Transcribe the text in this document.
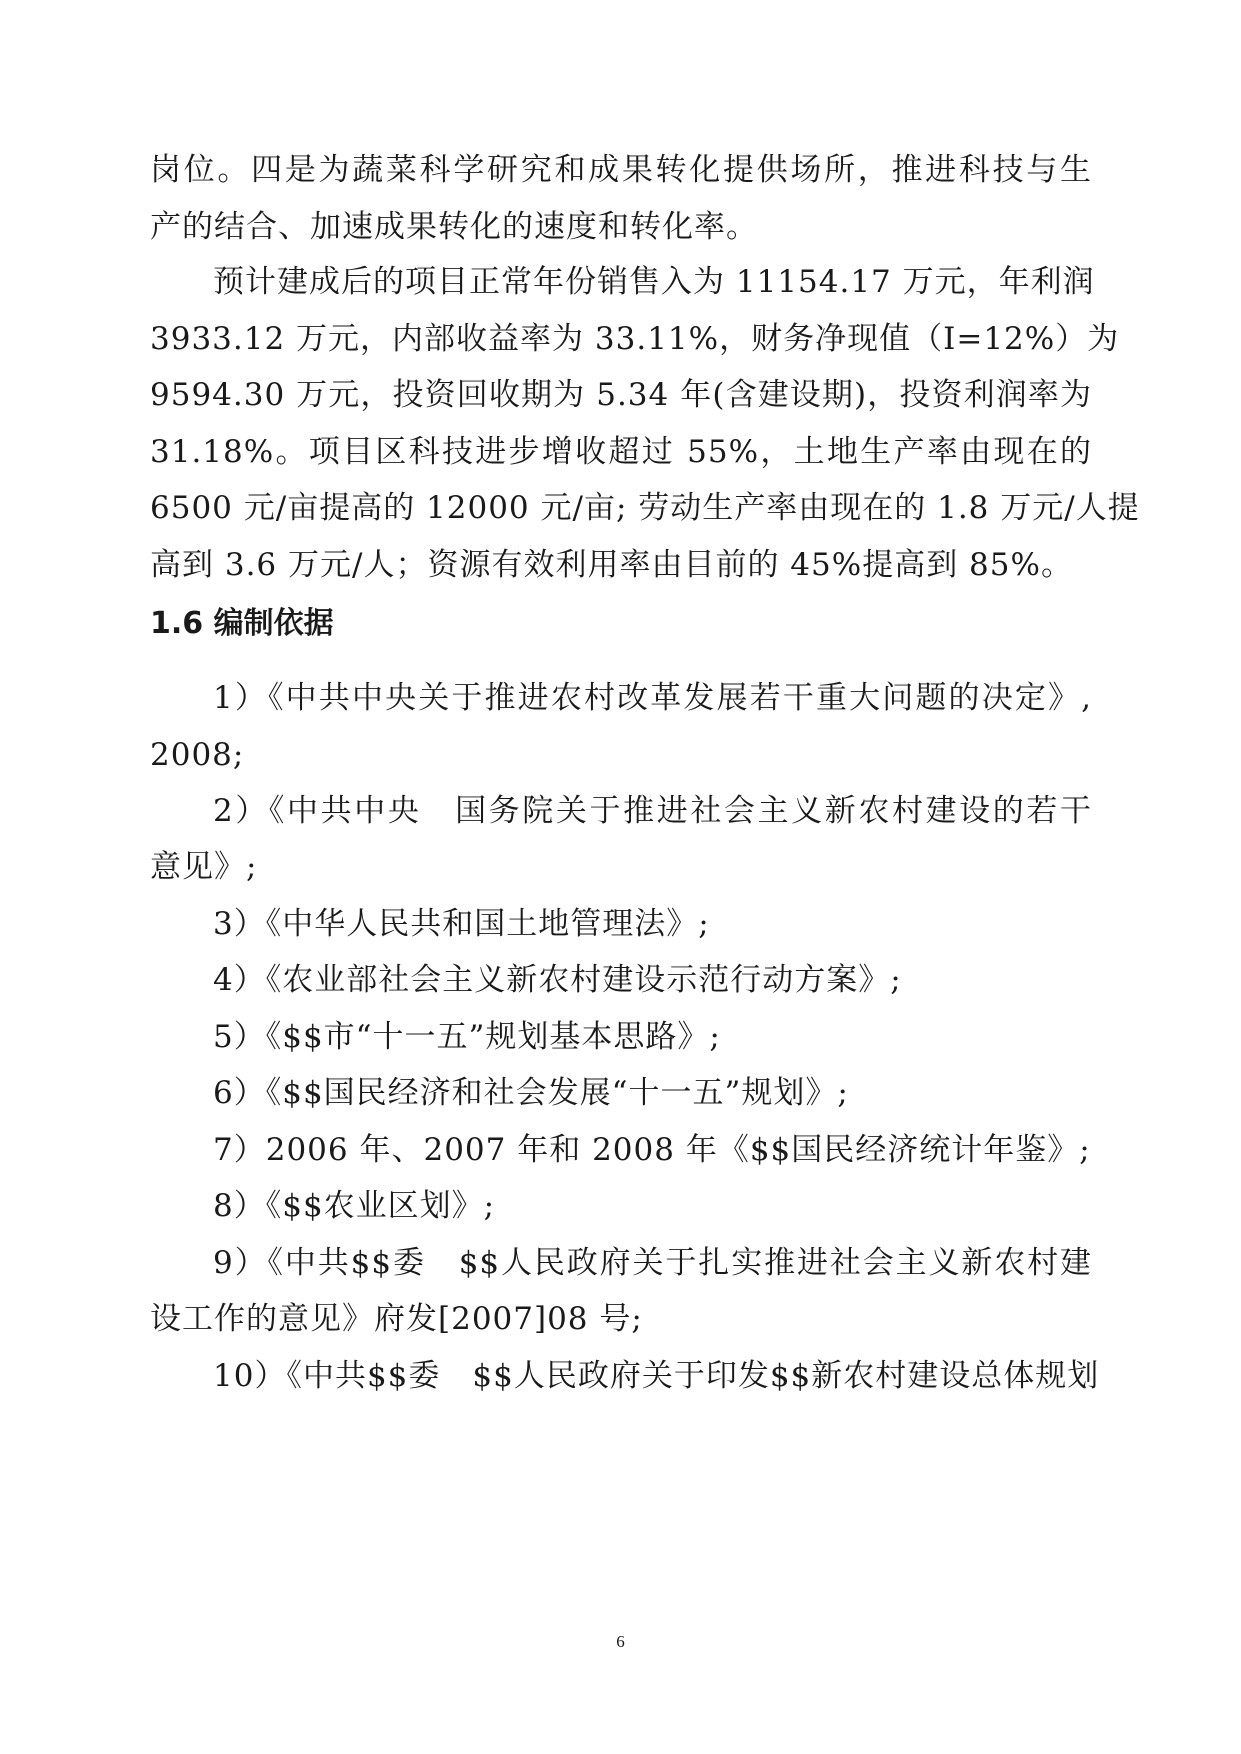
岗位。四是为蔬菜科学研究和成果转化提供场所，推进科技与生
产的结合、加速成果转化的速度和转化率。
预计建成后的项目正常年份销售入为 11154.17 万元，年利润
3933.12 万元，内部收益率为 33.11%，财务净现值（I=12%）为
9594.30 万元，投资回收期为 5.34 年(含建设期)，投资利润率为
31.18%。项目区科技进步增收超过 55%，土地生产率由现在的
6500 元/亩提高的 12000 元/亩; 劳动生产率由现在的 1.8 万元/人提
高到 3.6 万元/人；资源有效利用率由目前的 45%提高到 85%。
1.6 编制依据
1）《中共中央关于推进农村改革发展若干重大问题的决定》,
2008;
2）《中共中央　国务院关于推进社会主义新农村建设的若干
意见》;
3）《中华人民共和国土地管理法》;
4）《农业部社会主义新农村建设示范行动方案》;
5）《$$市“十一五”规划基本思路》;
6）《$$国民经济和社会发展“十一五”规划》;
7）2006 年、2007 年和 2008 年《$$国民经济统计年鉴》;
8）《$$农业区划》;
9）《中共$$委　$$人民政府关于扎实推进社会主义新农村建
设工作的意见》府发[2007]08 号;
10）《中共$$委　$$人民政府关于印发$$新农村建设总体规划
6
